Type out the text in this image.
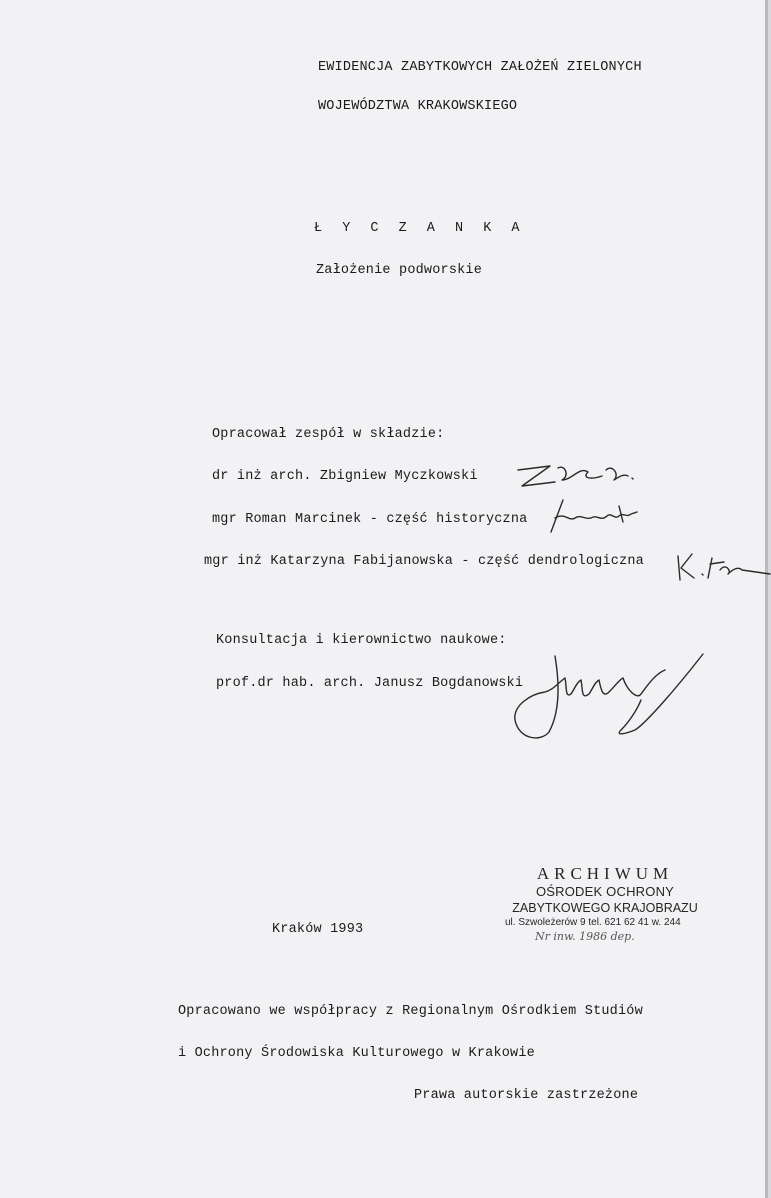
EWIDENCJA ZABYTKOWYCH ZAŁOŻEŃ ZIELONYCH
WOJEWÓDZTWA KRAKOWSKIEGO
Ł Y C Z A N K A
Założenie podworskie
Opracował zespół w składzie:
dr inż arch. Zbigniew Myczkowski
mgr Roman Marcinek - część historyczna
mgr inż Katarzyna Fabijanowska - część dendrologiczna
Konsultacja i kierownictwo naukowe:
prof.dr hab. arch. Janusz Bogdanowski
Kraków 1993
ARCHIWUM
OŚRODEK OCHRONY
ZABYTKOWEGO KRAJOBRAZU
ul. Szwoleżerów 9 tel. 621 62 41 w. 244
Nr inw. 1986 dep.
Opracowano we współpracy z Regionalnym Ośrodkiem Studiów
i Ochrony Środowiska Kulturowego w Krakowie
Prawa autorskie zastrzeżone
